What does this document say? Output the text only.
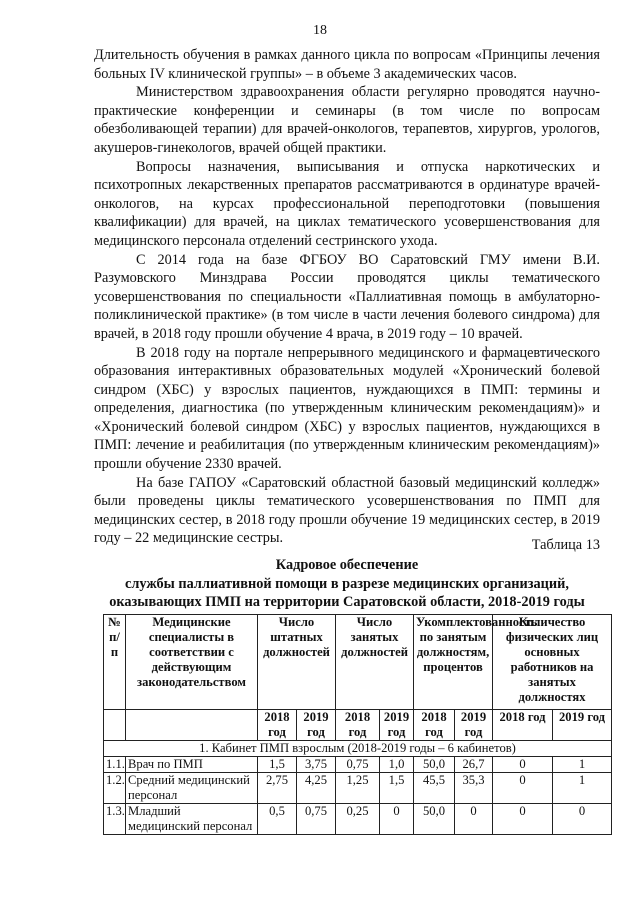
18

Длительность обучения в рамках данного цикла по вопросам «Принципы лечения больных IV клинической группы» – в объеме 3 академических часов.

Министерством здравоохранения области регулярно проводятся научно-практические конференции и семинары (в том числе по вопросам обезболивающей терапии) для врачей-онкологов, терапевтов, хирургов, урологов, акушеров-гинекологов, врачей общей практики.

Вопросы назначения, выписывания и отпуска наркотических и психотропных лекарственных препаратов рассматриваются в ординатуре врачей-онкологов, на курсах профессиональной переподготовки (повышения квалификации) для врачей, на циклах тематического усовершенствования для медицинского персонала отделений сестринского ухода.

С 2014 года на базе ФГБОУ ВО Саратовский ГМУ имени В.И. Разумовского Минздрава России проводятся циклы тематического усовершенствования по специальности «Паллиативная помощь в амбулаторно-поликлинической практике» (в том числе в части лечения болевого синдрома) для врачей, в 2018 году прошли обучение 4 врача, в 2019 году – 10 врачей.

В 2018 году на портале непрерывного медицинского и фармацевтического образования интерактивных образовательных модулей «Хронический болевой синдром (ХБС) у взрослых пациентов, нуждающихся в ПМП: термины и определения, диагностика (по утвержденным клиническим рекомендациям)» и «Хронический болевой синдром (ХБС) у взрослых пациентов, нуждающихся в ПМП: лечение и реабилитация (по утвержденным клиническим рекомендациям)» прошли обучение 2330 врачей.

На базе ГАПОУ «Саратовский областной базовый медицинский колледж» были проведены циклы тематического усовершенствования по ПМП для медицинских сестер, в 2018 году прошли обучение 19 медицинских сестер, в 2019 году – 22 медицинские сестры.	Таблица 13
Кадровое обеспечение
службы паллиативной помощи в разрезе медицинских организаций,
оказывающих ПМП на территории Саратовской области, 2018-2019 годы
№ п/п	Медицинские специалисты в соответствии с действующим законодательством	Число штатных должностей		Число занятых должностей		Укомплектованность по занятым должностям, процентов		Количество физических лиц основных работников на занятых должностях	
		2018 год	2019 год	2018 год	2019 год	2018 год	2019 год	2018 год	2019 год
1. Кабинет ПМП взрослым (2018-2019 годы – 6 кабинетов)									
1.1.	Врач по ПМП	1,5	3,75	0,75	1,0	50,0	26,7	0	1
1.2.	Средний медицинский персонал	2,75	4,25	1,25	1,5	45,5	35,3	0	1
1.3.	Младший медицинский персонал	0,5	0,75	0,25	0	50,0	0	0	0
